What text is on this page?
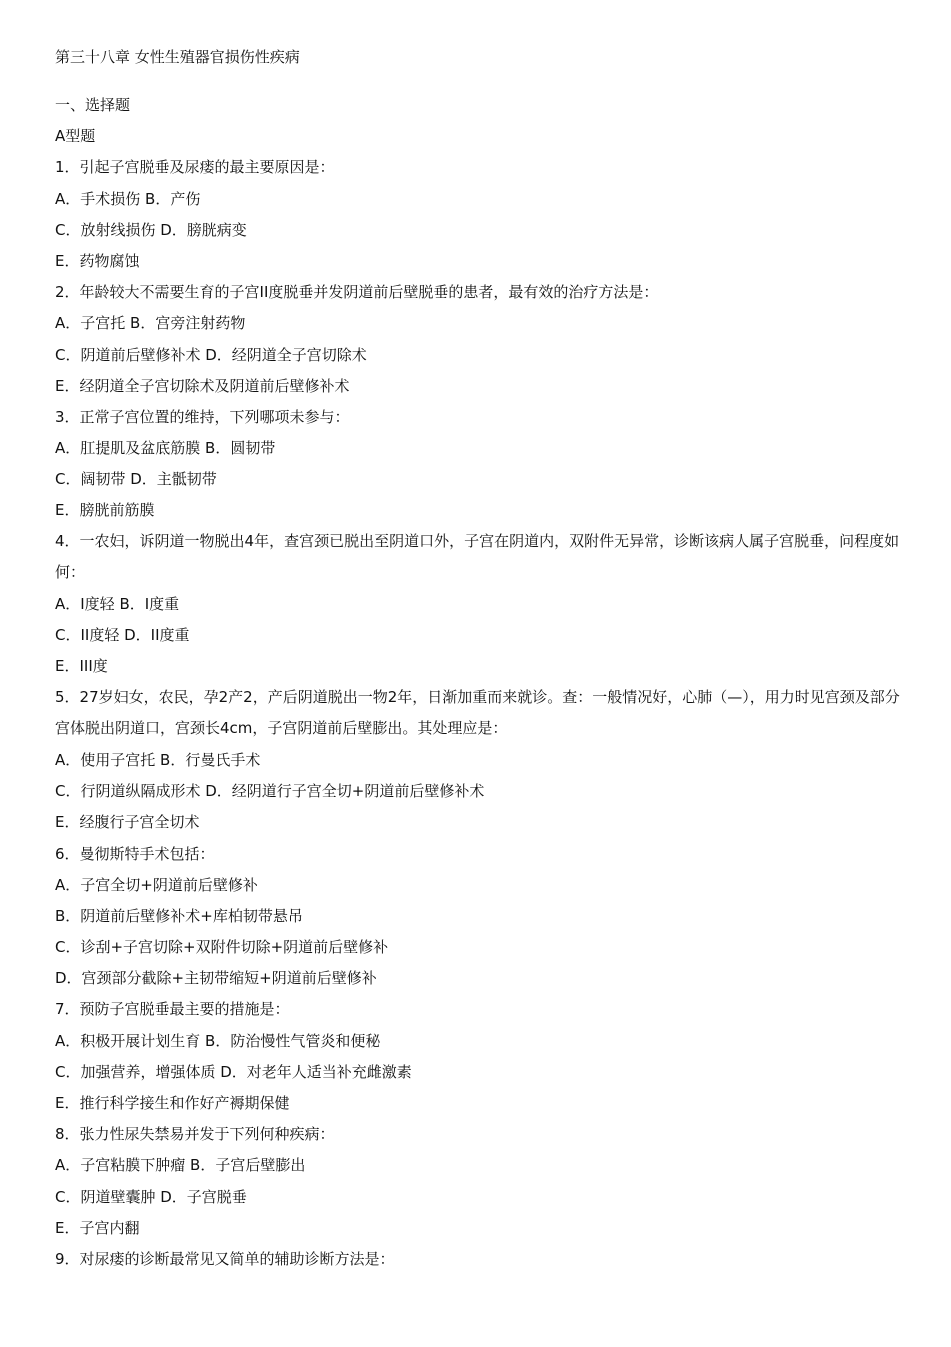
第三十八章 女性生殖器官损伤性疾病

一、选择题

A型题

1．引起子宫脱垂及尿瘘的最主要原因是：

A．手术损伤 B．产伤

C．放射线损伤 D．膀胱病变

E．药物腐蚀

2．年龄较大不需要生育的子宫II度脱垂并发阴道前后壁脱垂的患者，最有效的治疗方法是：

A．子宫托 B．宫旁注射药物

C．阴道前后壁修补术 D．经阴道全子宫切除术

E．经阴道全子宫切除术及阴道前后壁修补术

3．正常子宫位置的维持，下列哪项未参与：

A．肛提肌及盆底筋膜 B．圆韧带

C．阔韧带 D．主骶韧带

E．膀胱前筋膜

4．一农妇，诉阴道一物脱出4年，查宫颈已脱出至阴道口外，子宫在阴道内，双附件无异常，诊断该病人属子宫脱垂，问程度如何：

A．I度轻 B．I度重

C．II度轻 D．II度重

E．III度

5．27岁妇女，农民，孕2产2，产后阴道脱出一物2年，日渐加重而来就诊。查：一般情况好，心肺（—），用力时见宫颈及部分宫体脱出阴道口，宫颈长4cm，子宫阴道前后壁膨出。其处理应是：

A．使用子宫托 B．行曼氏手术

C．行阴道纵隔成形术 D．经阴道行子宫全切+阴道前后壁修补术

E．经腹行子宫全切术

6．曼彻斯特手术包括：

A．子宫全切+阴道前后壁修补

B．阴道前后壁修补术+库柏韧带悬吊

C．诊刮+子宫切除+双附件切除+阴道前后壁修补

D．宫颈部分截除+主韧带缩短+阴道前后壁修补

7．预防子宫脱垂最主要的措施是：

A．积极开展计划生育 B．防治慢性气管炎和便秘

C．加强营养，增强体质 D．对老年人适当补充雌激素

E．推行科学接生和作好产褥期保健

8．张力性尿失禁易并发于下列何种疾病：

A．子宫粘膜下肿瘤 B．子宫后壁膨出

C．阴道壁囊肿 D．子宫脱垂

E．子宫内翻

9．对尿瘘的诊断最常见又简单的辅助诊断方法是：
